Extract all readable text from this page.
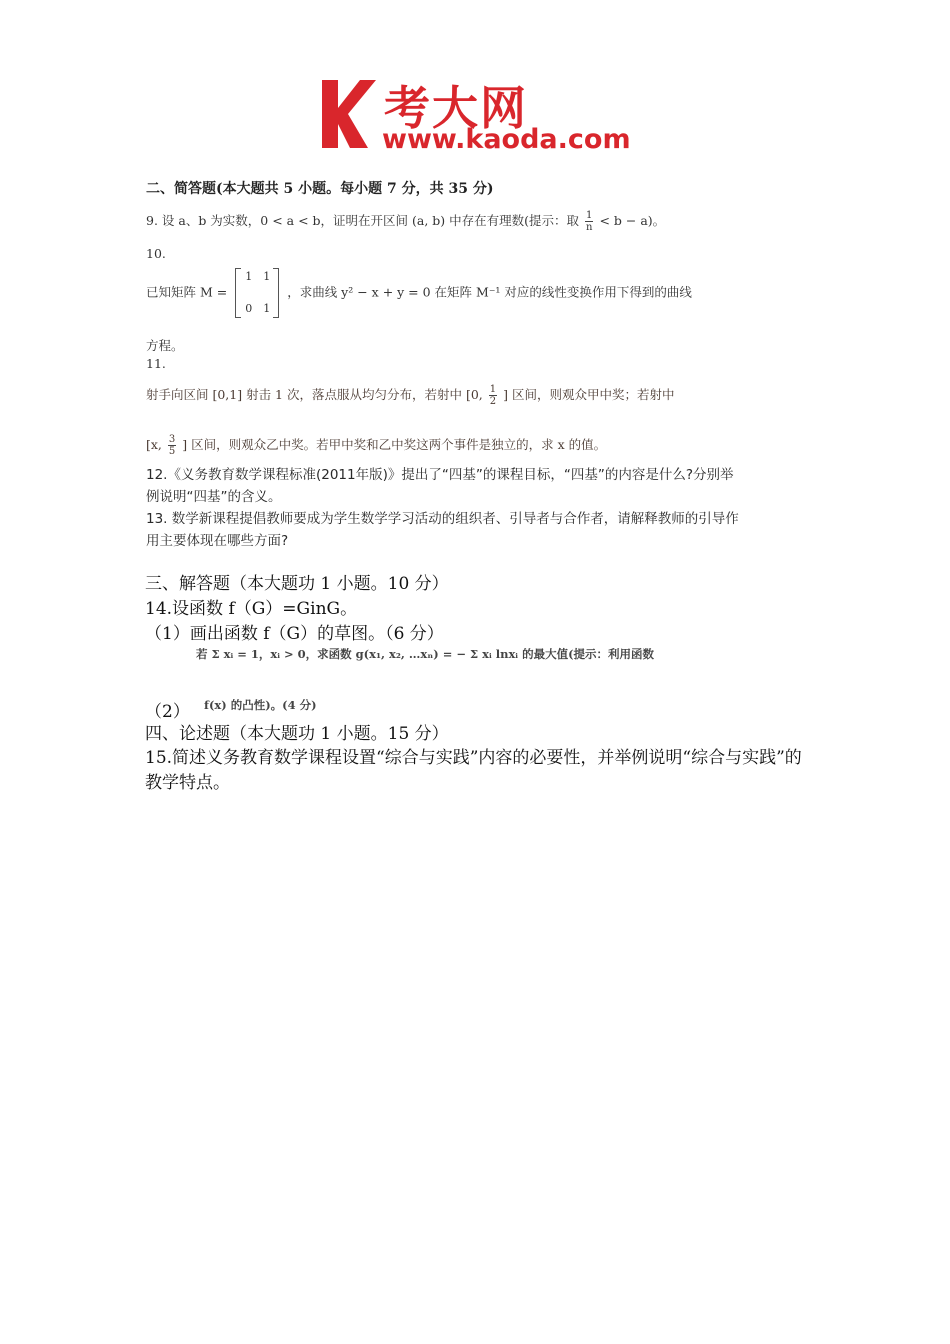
考大网
www.kaoda.com
二、简答题(本大题共 5 小题。每小题 7 分，共 35 分)
9. 设 a、b 为实数，0 < a < b，证明在开区间 (a, b) 中存在有理数(提示：取 $\frac{1}{n} < b - a$)。
10.
已知矩阵 M =
1 1
0 1
，求曲线 y² − x + y = 0 在矩阵 M⁻¹ 对应的线性变换作用下得到的曲线
方程。
11.
射手向区间 [0,1] 射击 1 次，落点服从均匀分布，若射中 [0, $\frac{1}{2}$ ] 区间，则观众甲中奖；若射中
[x, $\frac{3}{5}$ ] 区间，则观众乙中奖。若甲中奖和乙中奖这两个事件是独立的，求 x 的值。
12.《义务教育数学课程标准(2011年版)》提出了“四基”的课程目标，“四基”的内容是什么?分别举例说明“四基”的含义。
13. 数学新课程提倡教师要成为学生数学学习活动的组织者、引导者与合作者，请解释教师的引导作用主要体现在哪些方面?
三、解答题（本大题功 1 小题。10 分）
14.设函数 f（G）=GinG。
（1）画出函数 f（G）的草图。（6 分）
若 Σ xᵢ = 1，xᵢ > 0，求函数 g(x₁, x₂, …xₙ) = − Σ xᵢ lnxᵢ 的最大值(提示：利用函数
（2） f(x) 的凸性)。(4 分)
四、论述题（本大题功 1 小题。15 分）
15.简述义务教育数学课程设置“综合与实践”内容的必要性，并举例说明“综合与实践”的教学特点。
